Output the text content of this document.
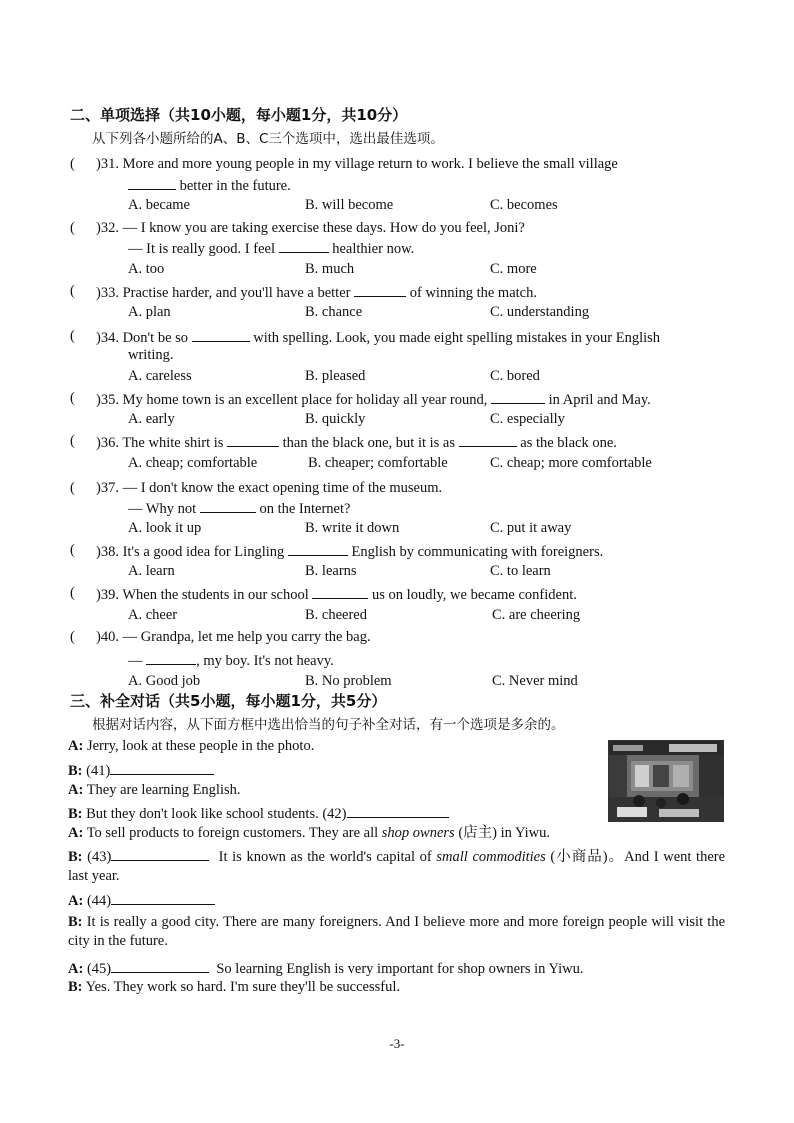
二、单项选择（共10小题，每小题1分，共10分）
从下列各小题所给的A、B、C三个选项中，选出最佳选项。
( )31. More and more young people in my village return to work. I believe the small village
better in the future.
A. became	B. will become	C. becomes
( )32. — I know you are taking exercise these days. How do you feel, Joni?
— It is really good. I feel	healthier now.
A. too	B. much	C. more
( )33. Practise harder, and you'll have a better	of winning the match.
A. plan	B. chance	C. understanding
( )34. Don't be so	with spelling. Look, you made eight spelling mistakes in your English
writing.
A. careless	B. pleased	C. bored
( )35. My home town is an excellent place for holiday all year round,	in April and May.
A. early	B. quickly	C. especially
( )36. The white shirt is	than the black one, but it is as	as the black one.
A. cheap; comfortable	B. cheaper; comfortable	C. cheap; more comfortable
( )37. — I don't know the exact opening time of the museum.
— Why not	on the Internet?
A. look it up	B. write it down	C. put it away
( )38. It's a good idea for Lingling	English by communicating with foreigners.
A. learn	B. learns	C. to learn
( )39. When the students in our school	us on loudly, we became confident.
A. cheer	B. cheered	C. are cheering
( )40. — Grandpa, let me help you carry the bag.
—	, my boy. It's not heavy.
A. Good job	B. No problem	C. Never mind
三、补全对话（共5小题，每小题1分，共5分）
根据对话内容，从下面方框中选出恰当的句子补全对话，有一个选项是多余的。
A: Jerry, look at these people in the photo.
B: (41)
A: They are learning English.
B: But they don't look like school students. (42)
A: To sell products to foreign customers. They are all shop owners (店主) in Yiwu.
B: (43)	It is known as the world's capital of small commodities (小商品)。And I went there last year.
A: (44)
B: It is really a good city. There are many foreigners. And I believe more and more foreign people will visit the city in the future.
A: (45)	So learning English is very important for shop owners in Yiwu.
B: Yes. They work so hard. I'm sure they'll be successful.
-3-
